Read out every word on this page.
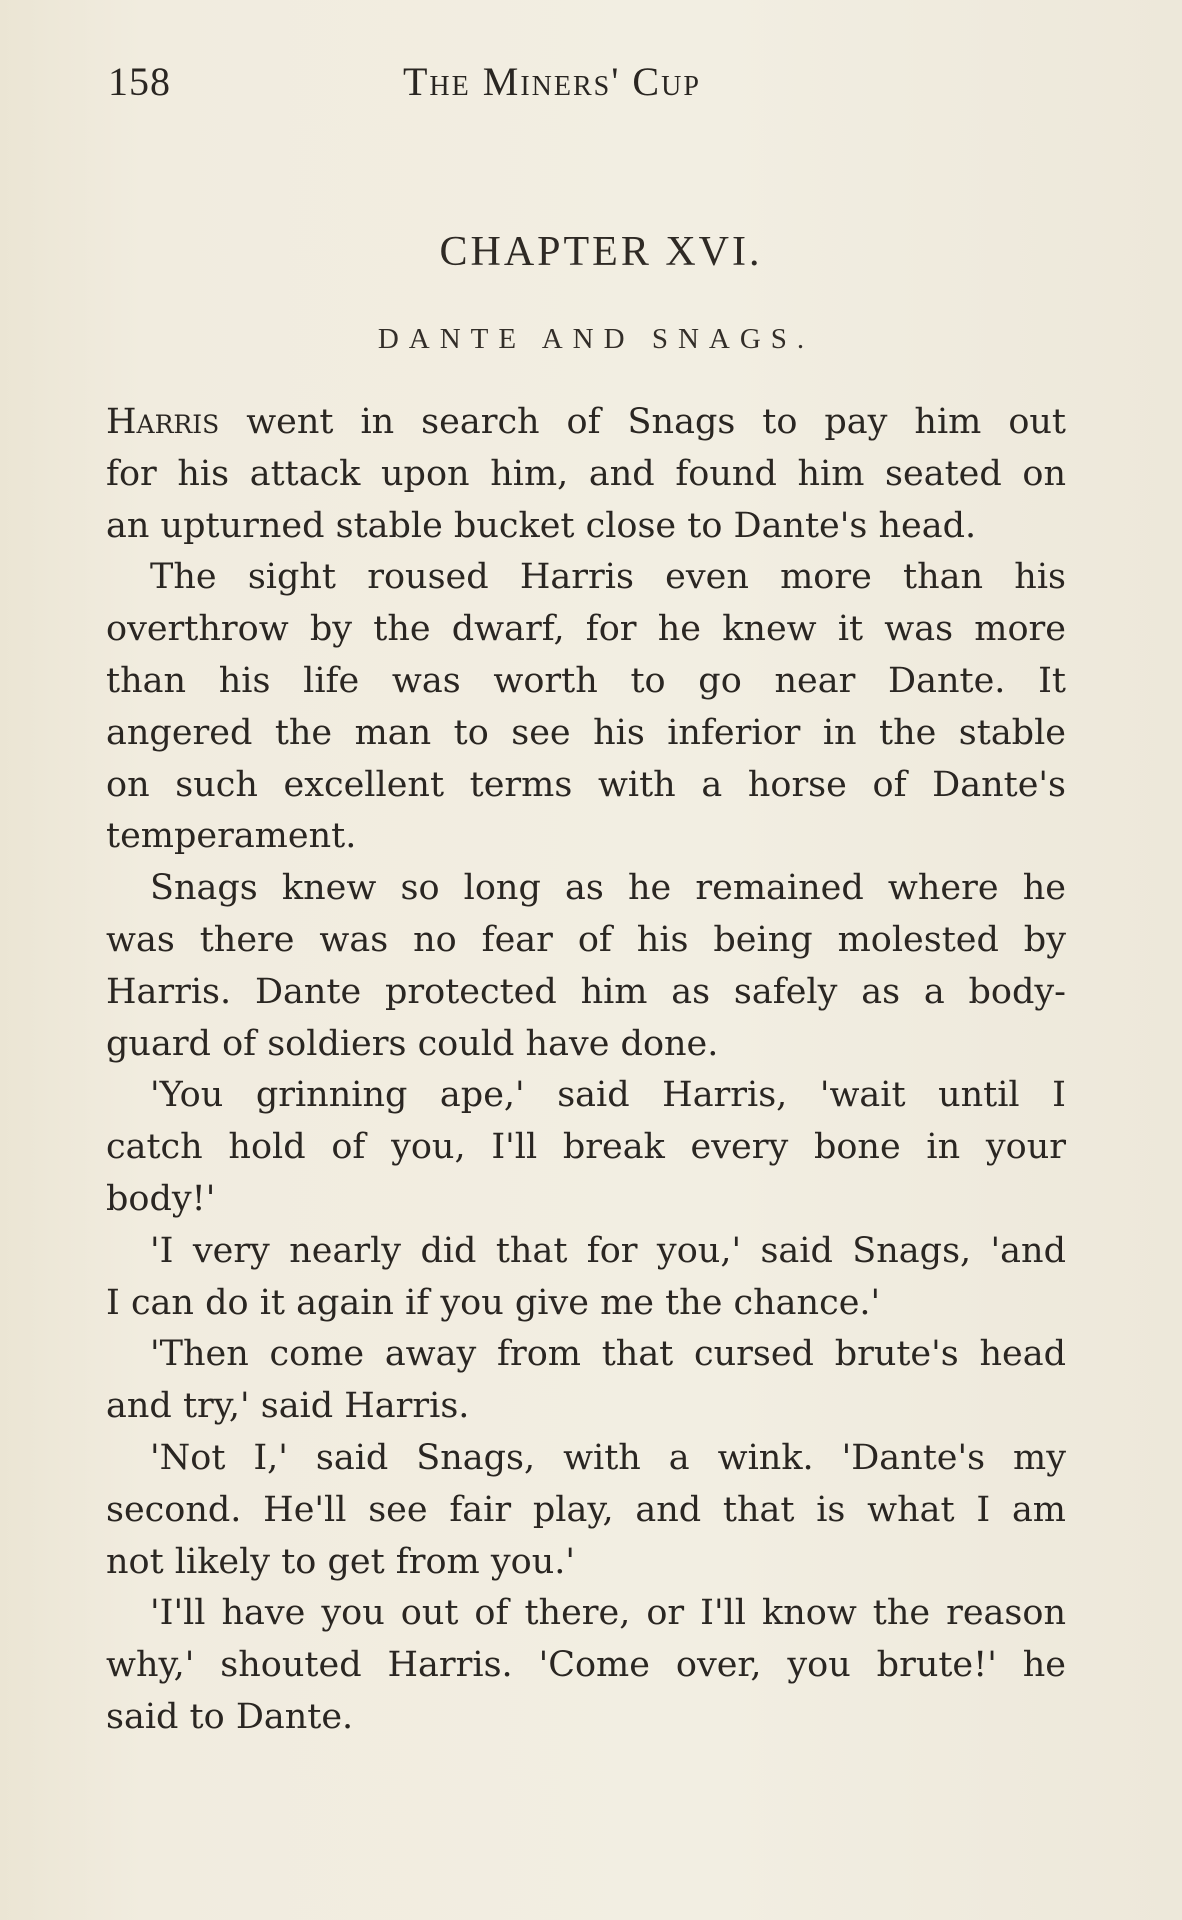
158	The Miners' Cup
CHAPTER XVI.
DANTE AND SNAGS.
Harris went in search of Snags to pay him out
for his attack upon him, and found him seated on
an upturned stable bucket close to Dante's head.
The sight roused Harris even more than his
overthrow by the dwarf, for he knew it was more
than his life was worth to go near Dante. It
angered the man to see his inferior in the stable
on such excellent terms with a horse of Dante's
temperament.
Snags knew so long as he remained where he
was there was no fear of his being molested by
Harris. Dante protected him as safely as a body-
guard of soldiers could have done.
'You grinning ape,' said Harris, 'wait until I
catch hold of you, I'll break every bone in your
body!'
'I very nearly did that for you,' said Snags, 'and
I can do it again if you give me the chance.'
'Then come away from that cursed brute's head
and try,' said Harris.
'Not I,' said Snags, with a wink. 'Dante's my
second. He'll see fair play, and that is what I am
not likely to get from you.'
'I'll have you out of there, or I'll know the reason
why,' shouted Harris. 'Come over, you brute!' he
said to Dante.
